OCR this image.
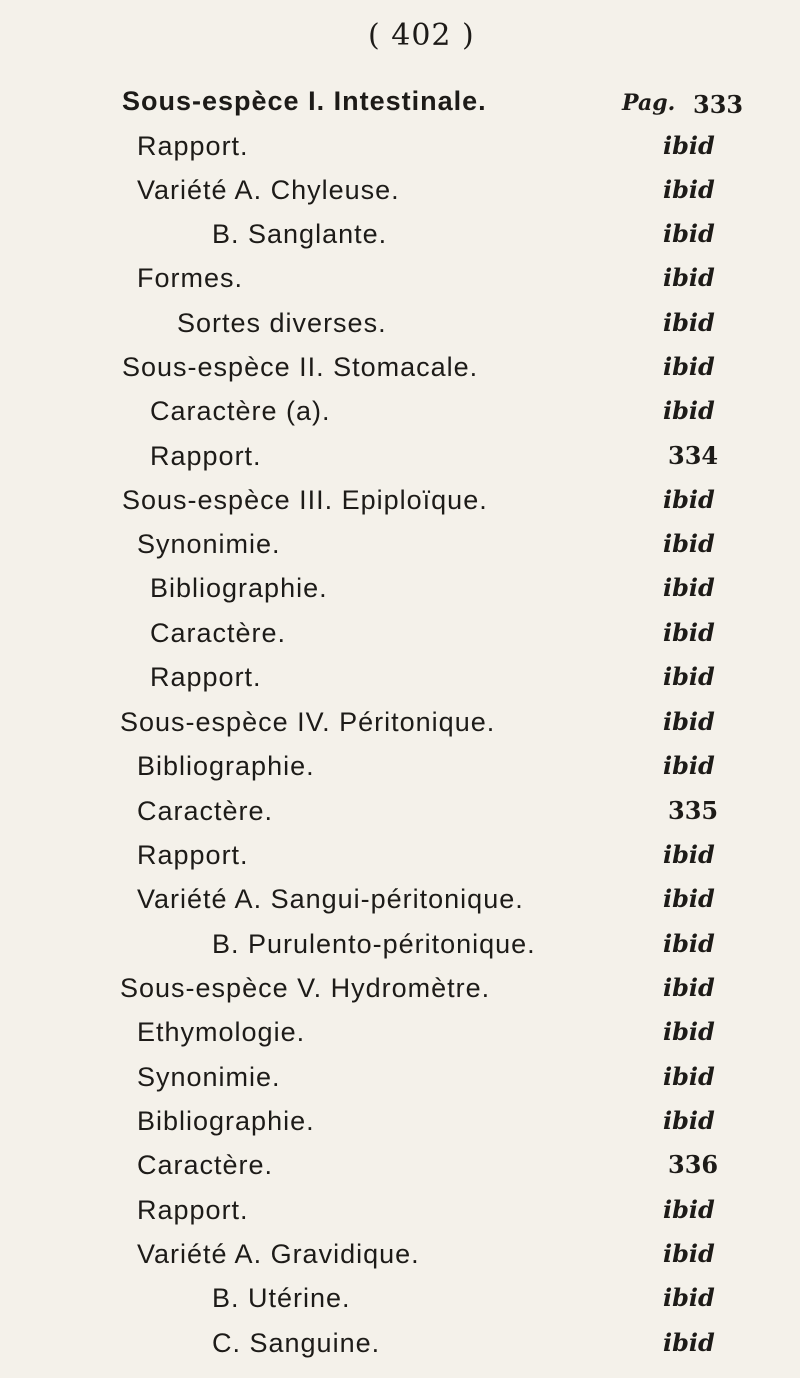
( 402 )
Sous-espèce I. Intestinale.	Pag. 333
Rapport.	ibid
Variété A. Chyleuse.	ibid
B. Sanglante.	ibid
Formes.	ibid
Sortes diverses.	ibid
Sous-espèce II. Stomacale.	ibid
Caractère (a).	ibid
Rapport.	334
Sous-espèce III. Epiploïque.	ibid
Synonimie.	ibid
Bibliographie.	ibid
Caractère.	ibid
Rapport.	ibid
Sous-espèce IV. Péritonique.	ibid
Bibliographie.	ibid
Caractère.	335
Rapport.	ibid
Variété A. Sangui-péritonique.	ibid
B. Purulento-péritonique.	ibid
Sous-espèce V. Hydromètre.	ibid
Ethymologie.	ibid
Synonimie.	ibid
Bibliographie.	ibid
Caractère.	336
Rapport.	ibid
Variété A. Gravidique.	ibid
B. Utérine.	ibid
C. Sanguine.	ibid
